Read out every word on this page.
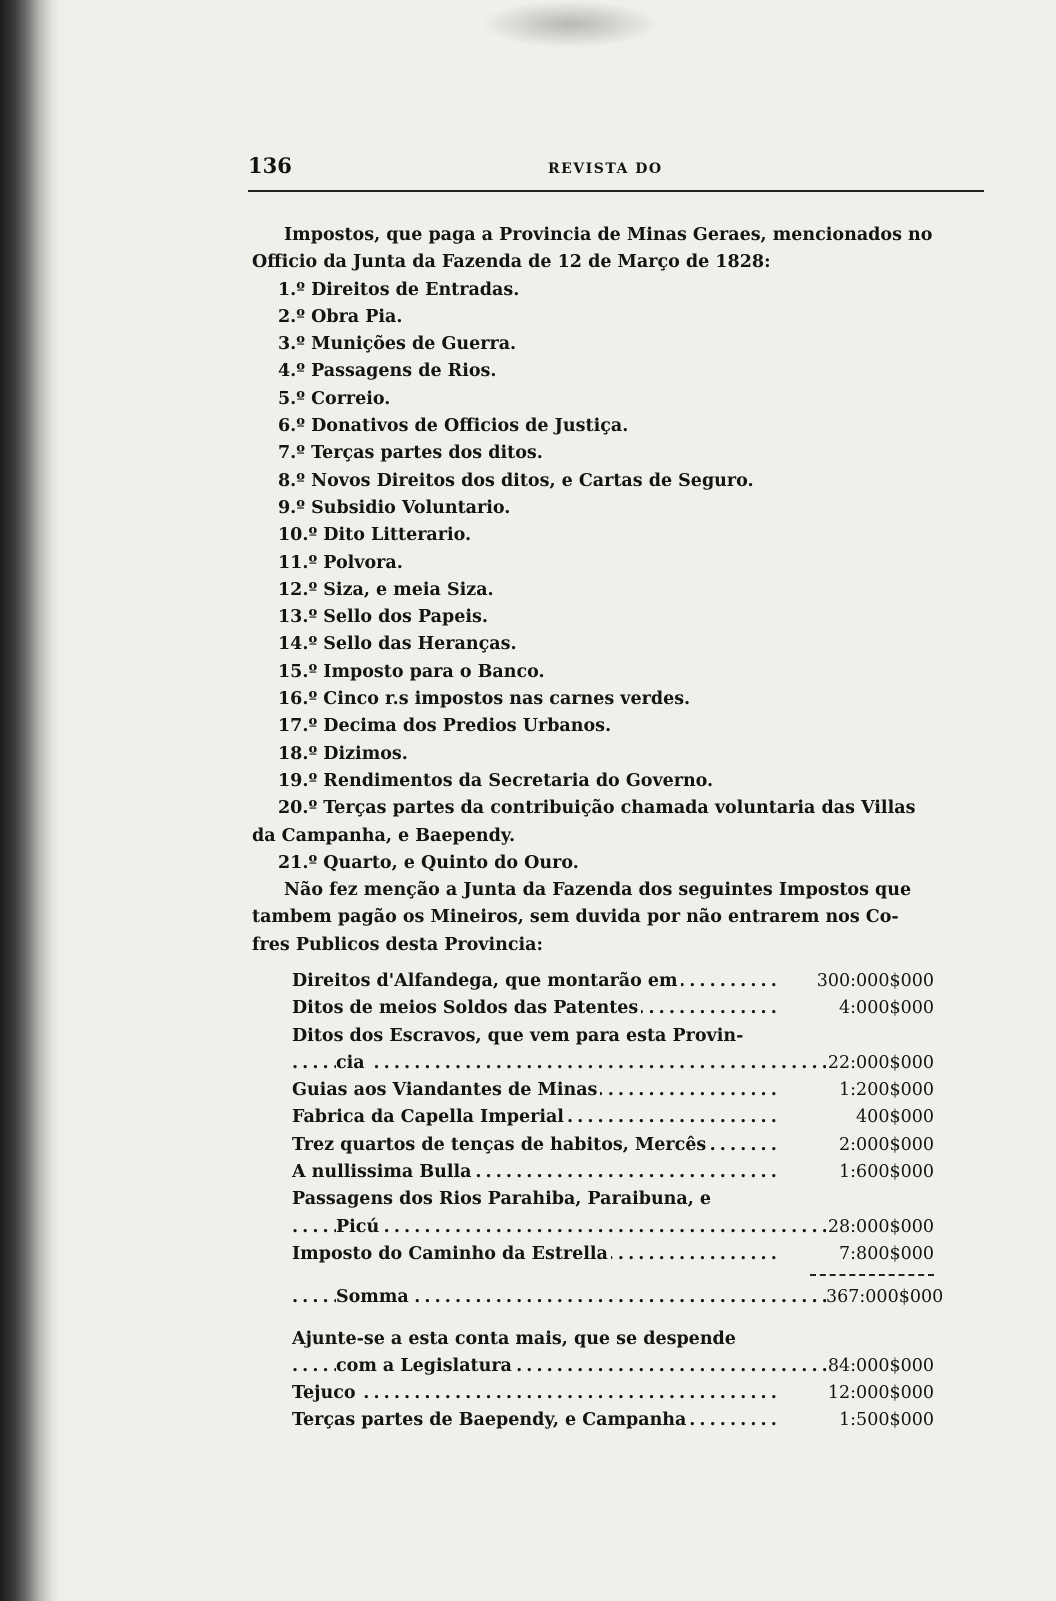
136	REVISTA DO

Impostos, que paga a Provincia de Minas Geraes, mencionados no

Officio da Junta da Fazenda de 12 de Março de 1828:

1.º Direitos de Entradas.

2.º Obra Pia.

3.º Munições de Guerra.

4.º Passagens de Rios.

5.º Correio.

6.º Donativos de Officios de Justiça.

7.º Terças partes dos ditos.

8.º Novos Direitos dos ditos, e Cartas de Seguro.

9.º Subsidio Voluntario.

10.º Dito Litterario.

11.º Polvora.

12.º Siza, e meia Siza.

13.º Sello dos Papeis.

14.º Sello das Heranças.

15.º Imposto para o Banco.

16.º Cinco r.s impostos nas carnes verdes.

17.º Decima dos Predios Urbanos.

18.º Dizimos.

19.º Rendimentos da Secretaria do Governo.

20.º Terças partes da contribuição chamada voluntaria das Villas

da Campanha, e Baependy.

21.º Quarto, e Quinto do Ouro.

Não fez menção a Junta da Fazenda dos seguintes Impostos que

tambem pagão os Mineiros, sem duvida por não entrarem nos Co-

fres Publicos desta Provincia:

Direitos d'Alfandega, que montarão em . . .	300:000$000
Ditos de meios Soldos das Patentes . . .	4:000$000
Ditos dos Escravos, que vem para esta Provin-
cia . . .	22:000$000
Guias aos Viandantes de Minas . . .	1:200$000
Fabrica da Capella Imperial . . .	400$000
Trez quartos de tenças de habitos, Mercês . . .	2:000$000
A nullissima Bulla . . .	1:600$000
Passagens dos Rios Parahiba, Paraibuna, e
Picú . . .	28:000$000
Imposto do Caminho da Estrella . . .	7:800$000
Somma . . .	367:000$000
Ajunte-se a esta conta mais, que se despende
com a Legislatura . . .	84:000$000
Tejuco . . .	12:000$000
Terças partes de Baependy, e Campanha . . .	1:500$000
